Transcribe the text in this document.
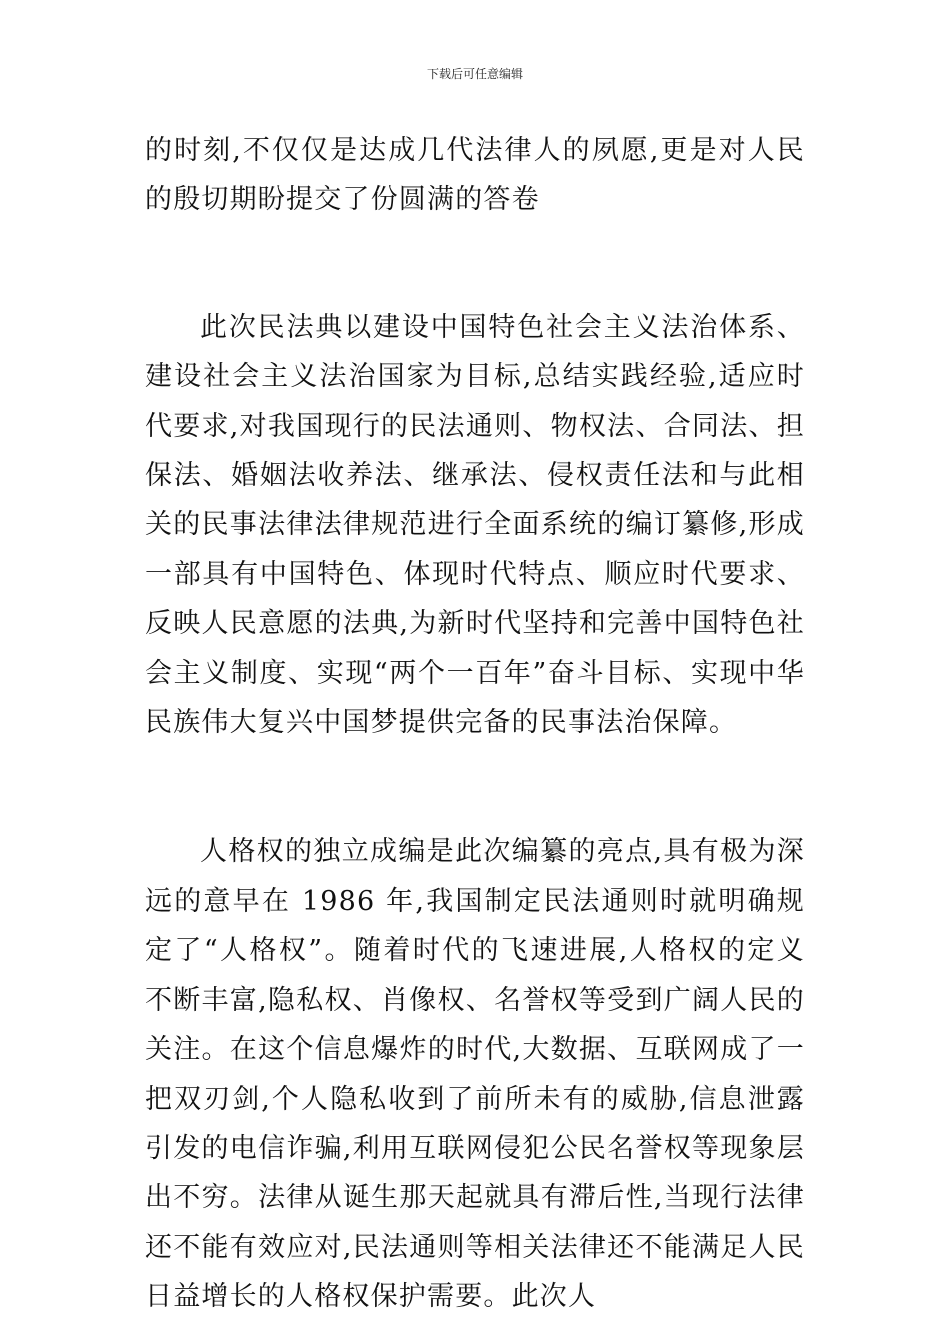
下载后可任意编辑

的时刻,不仅仅是达成几代法律人的夙愿,更是对人民的殷切期盼提交了份圆满的答卷

此次民法典以建设中国特色社会主义法治体系、建设社会主义法治国家为目标,总结实践经验,适应时代要求,对我国现行的民法通则、物权法、合同法、担保法、婚姻法收养法、继承法、侵权责任法和与此相关的民事法律法律规范进行全面系统的编订纂修,形成一部具有中国特色、体现时代特点、顺应时代要求、反映人民意愿的法典,为新时代坚持和完善中国特色社会主义制度、实现“两个一百年”奋斗目标、实现中华民族伟大复兴中国梦提供完备的民事法治保障。

人格权的独立成编是此次编纂的亮点,具有极为深远的意早在 1986 年,我国制定民法通则时就明确规定了“人格权”。随着时代的飞速进展,人格权的定义不断丰富,隐私权、肖像权、名誉权等受到广阔人民的关注。在这个信息爆炸的时代,大数据、互联网成了一把双刃剑,个人隐私收到了前所未有的威胁,信息泄露引发的电信诈骗,利用互联网侵犯公民名誉权等现象层出不穷。法律从诞生那天起就具有滞后性,当现行法律还不能有效应对,民法通则等相关法律还不能满足人民日益增长的人格权保护需要。此次人
